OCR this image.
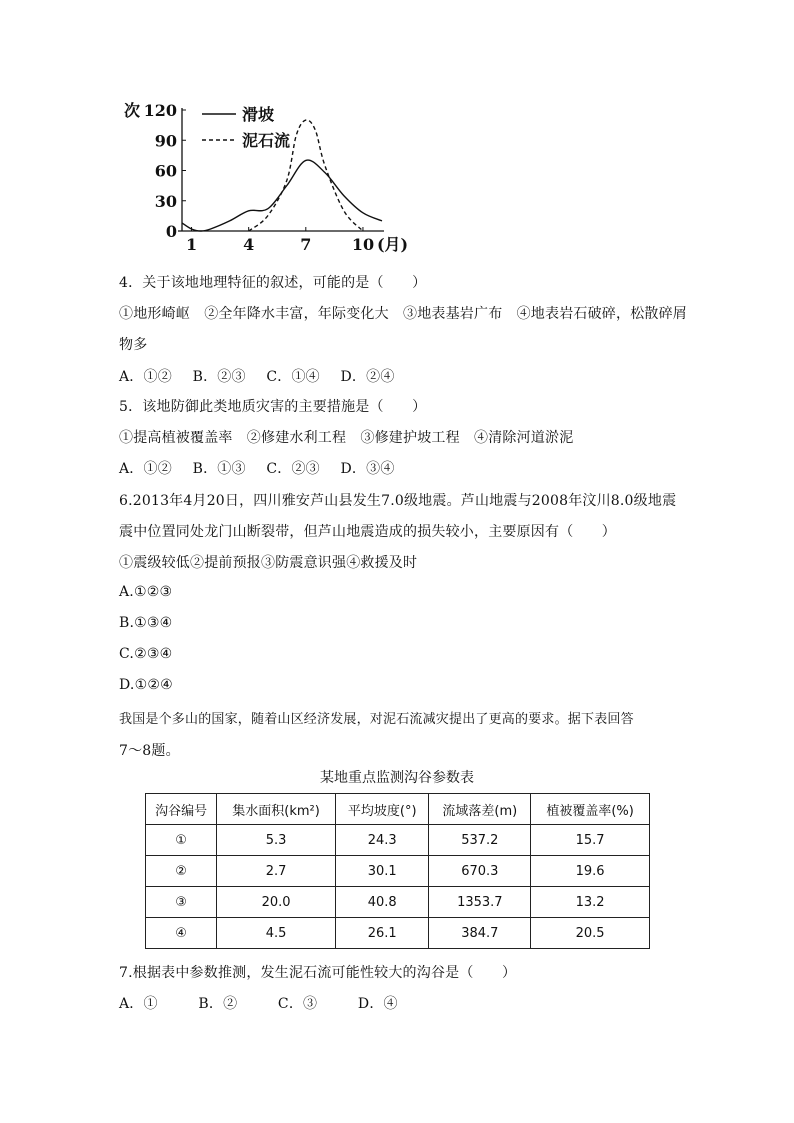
0
30
60
90
120
次
1	4	7	10 (月)
滑坡
泥石流
4．关于该地地理特征的叙述，可能的是（　　）
①地形崎岖　②全年降水丰富，年际变化大　③地表基岩广布　④地表岩石破碎，松散碎屑
物多
A．①② B．②③ C．①④ D．②④
5．该地防御此类地质灾害的主要措施是（　　）
①提高植被覆盖率　②修建水利工程　③修建护坡工程　④清除河道淤泥
A．①② B．①③ C．②③ D．③④
6.2013年4月20日，四川雅安芦山县发生7.0级地震。芦山地震与2008年汶川8.0级地震
震中位置同处龙门山断裂带，但芦山地震造成的损失较小，主要原因有（　　）
①震级较低②提前预报③防震意识强④救援及时
A.①②③
B.①③④
C.②③④
D.①②④
我国是个多山的国家，随着山区经济发展，对泥石流减灾提出了更高的要求。据下表回答
7～8题。
某地重点监测沟谷参数表
沟谷编号	集水面积(km²)	平均坡度(°)	流域落差(m)	植被覆盖率(%)
①	5.3	24.3	537.2	15.7
②	2.7	30.1	670.3	19.6
③	20.0	40.8	1353.7	13.2
④	4.5	26.1	384.7	20.5
7.根据表中参数推测，发生泥石流可能性较大的沟谷是（　　）
A．①	B．②	C．③	D．④
